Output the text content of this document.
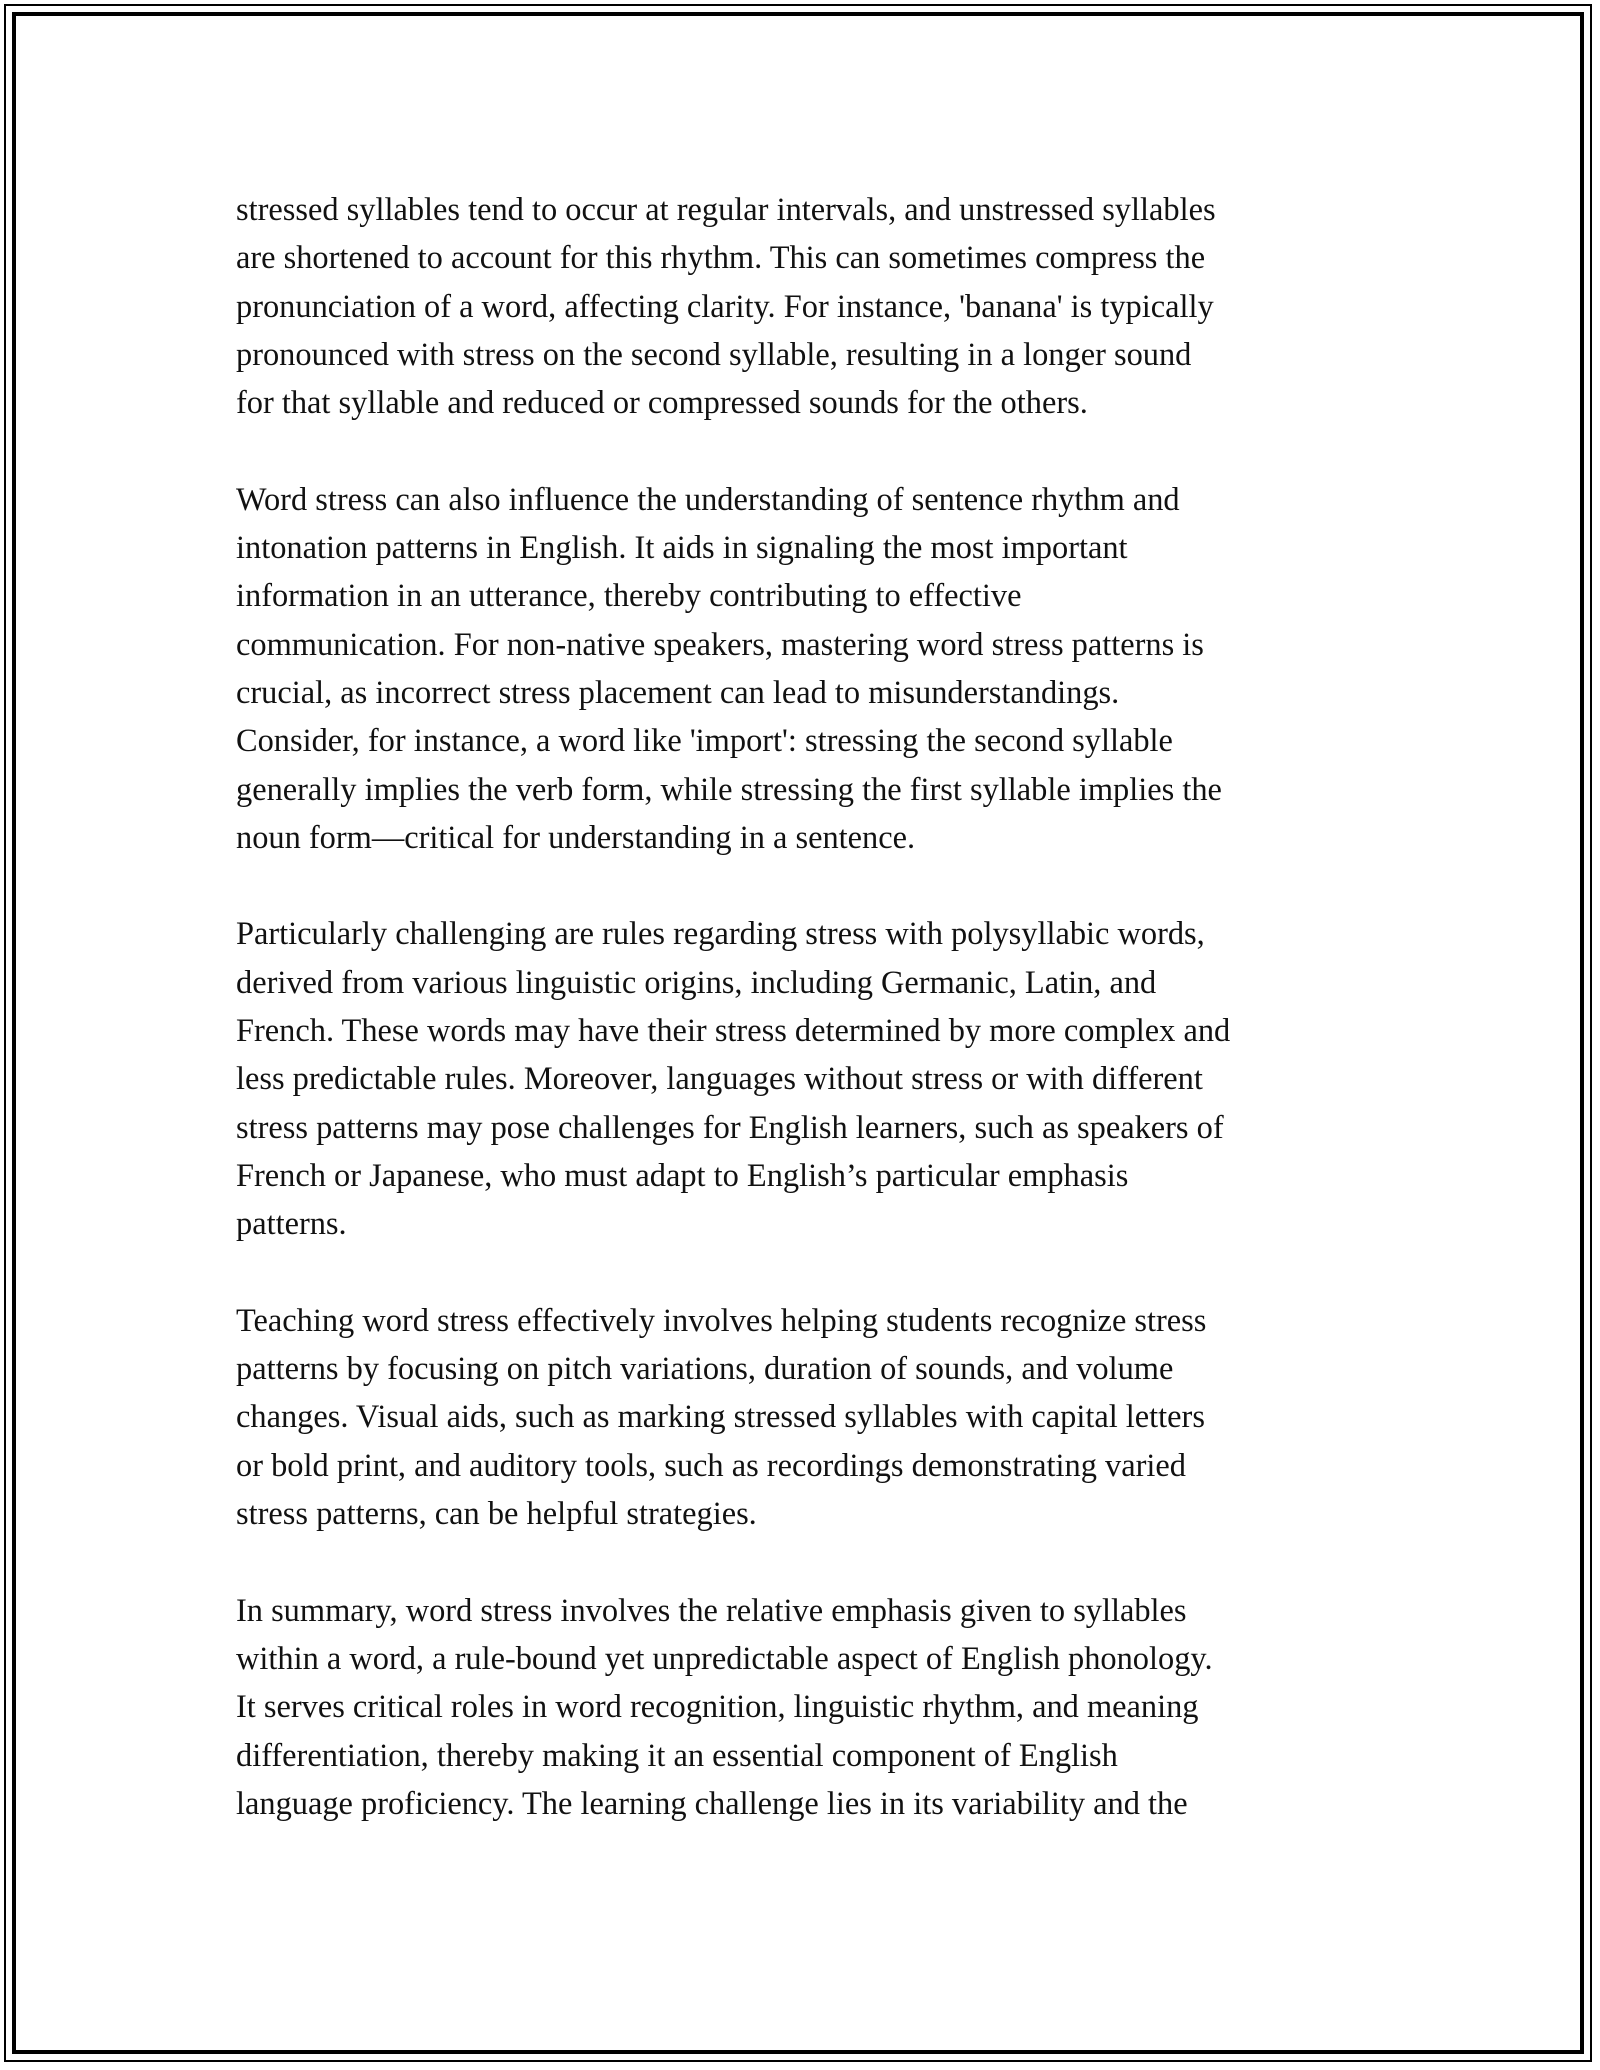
stressed syllables tend to occur at regular intervals, and unstressed syllables
are shortened to account for this rhythm. This can sometimes compress the
pronunciation of a word, affecting clarity. For instance, 'banana' is typically
pronounced with stress on the second syllable, resulting in a longer sound
for that syllable and reduced or compressed sounds for the others.

Word stress can also influence the understanding of sentence rhythm and
intonation patterns in English. It aids in signaling the most important
information in an utterance, thereby contributing to effective
communication. For non-native speakers, mastering word stress patterns is
crucial, as incorrect stress placement can lead to misunderstandings.
Consider, for instance, a word like 'import': stressing the second syllable
generally implies the verb form, while stressing the first syllable implies the
noun form—critical for understanding in a sentence.

Particularly challenging are rules regarding stress with polysyllabic words,
derived from various linguistic origins, including Germanic, Latin, and
French. These words may have their stress determined by more complex and
less predictable rules. Moreover, languages without stress or with different
stress patterns may pose challenges for English learners, such as speakers of
French or Japanese, who must adapt to English’s particular emphasis
patterns.

Teaching word stress effectively involves helping students recognize stress
patterns by focusing on pitch variations, duration of sounds, and volume
changes. Visual aids, such as marking stressed syllables with capital letters
or bold print, and auditory tools, such as recordings demonstrating varied
stress patterns, can be helpful strategies.

In summary, word stress involves the relative emphasis given to syllables
within a word, a rule-bound yet unpredictable aspect of English phonology.
It serves critical roles in word recognition, linguistic rhythm, and meaning
differentiation, thereby making it an essential component of English
language proficiency. The learning challenge lies in its variability and the
